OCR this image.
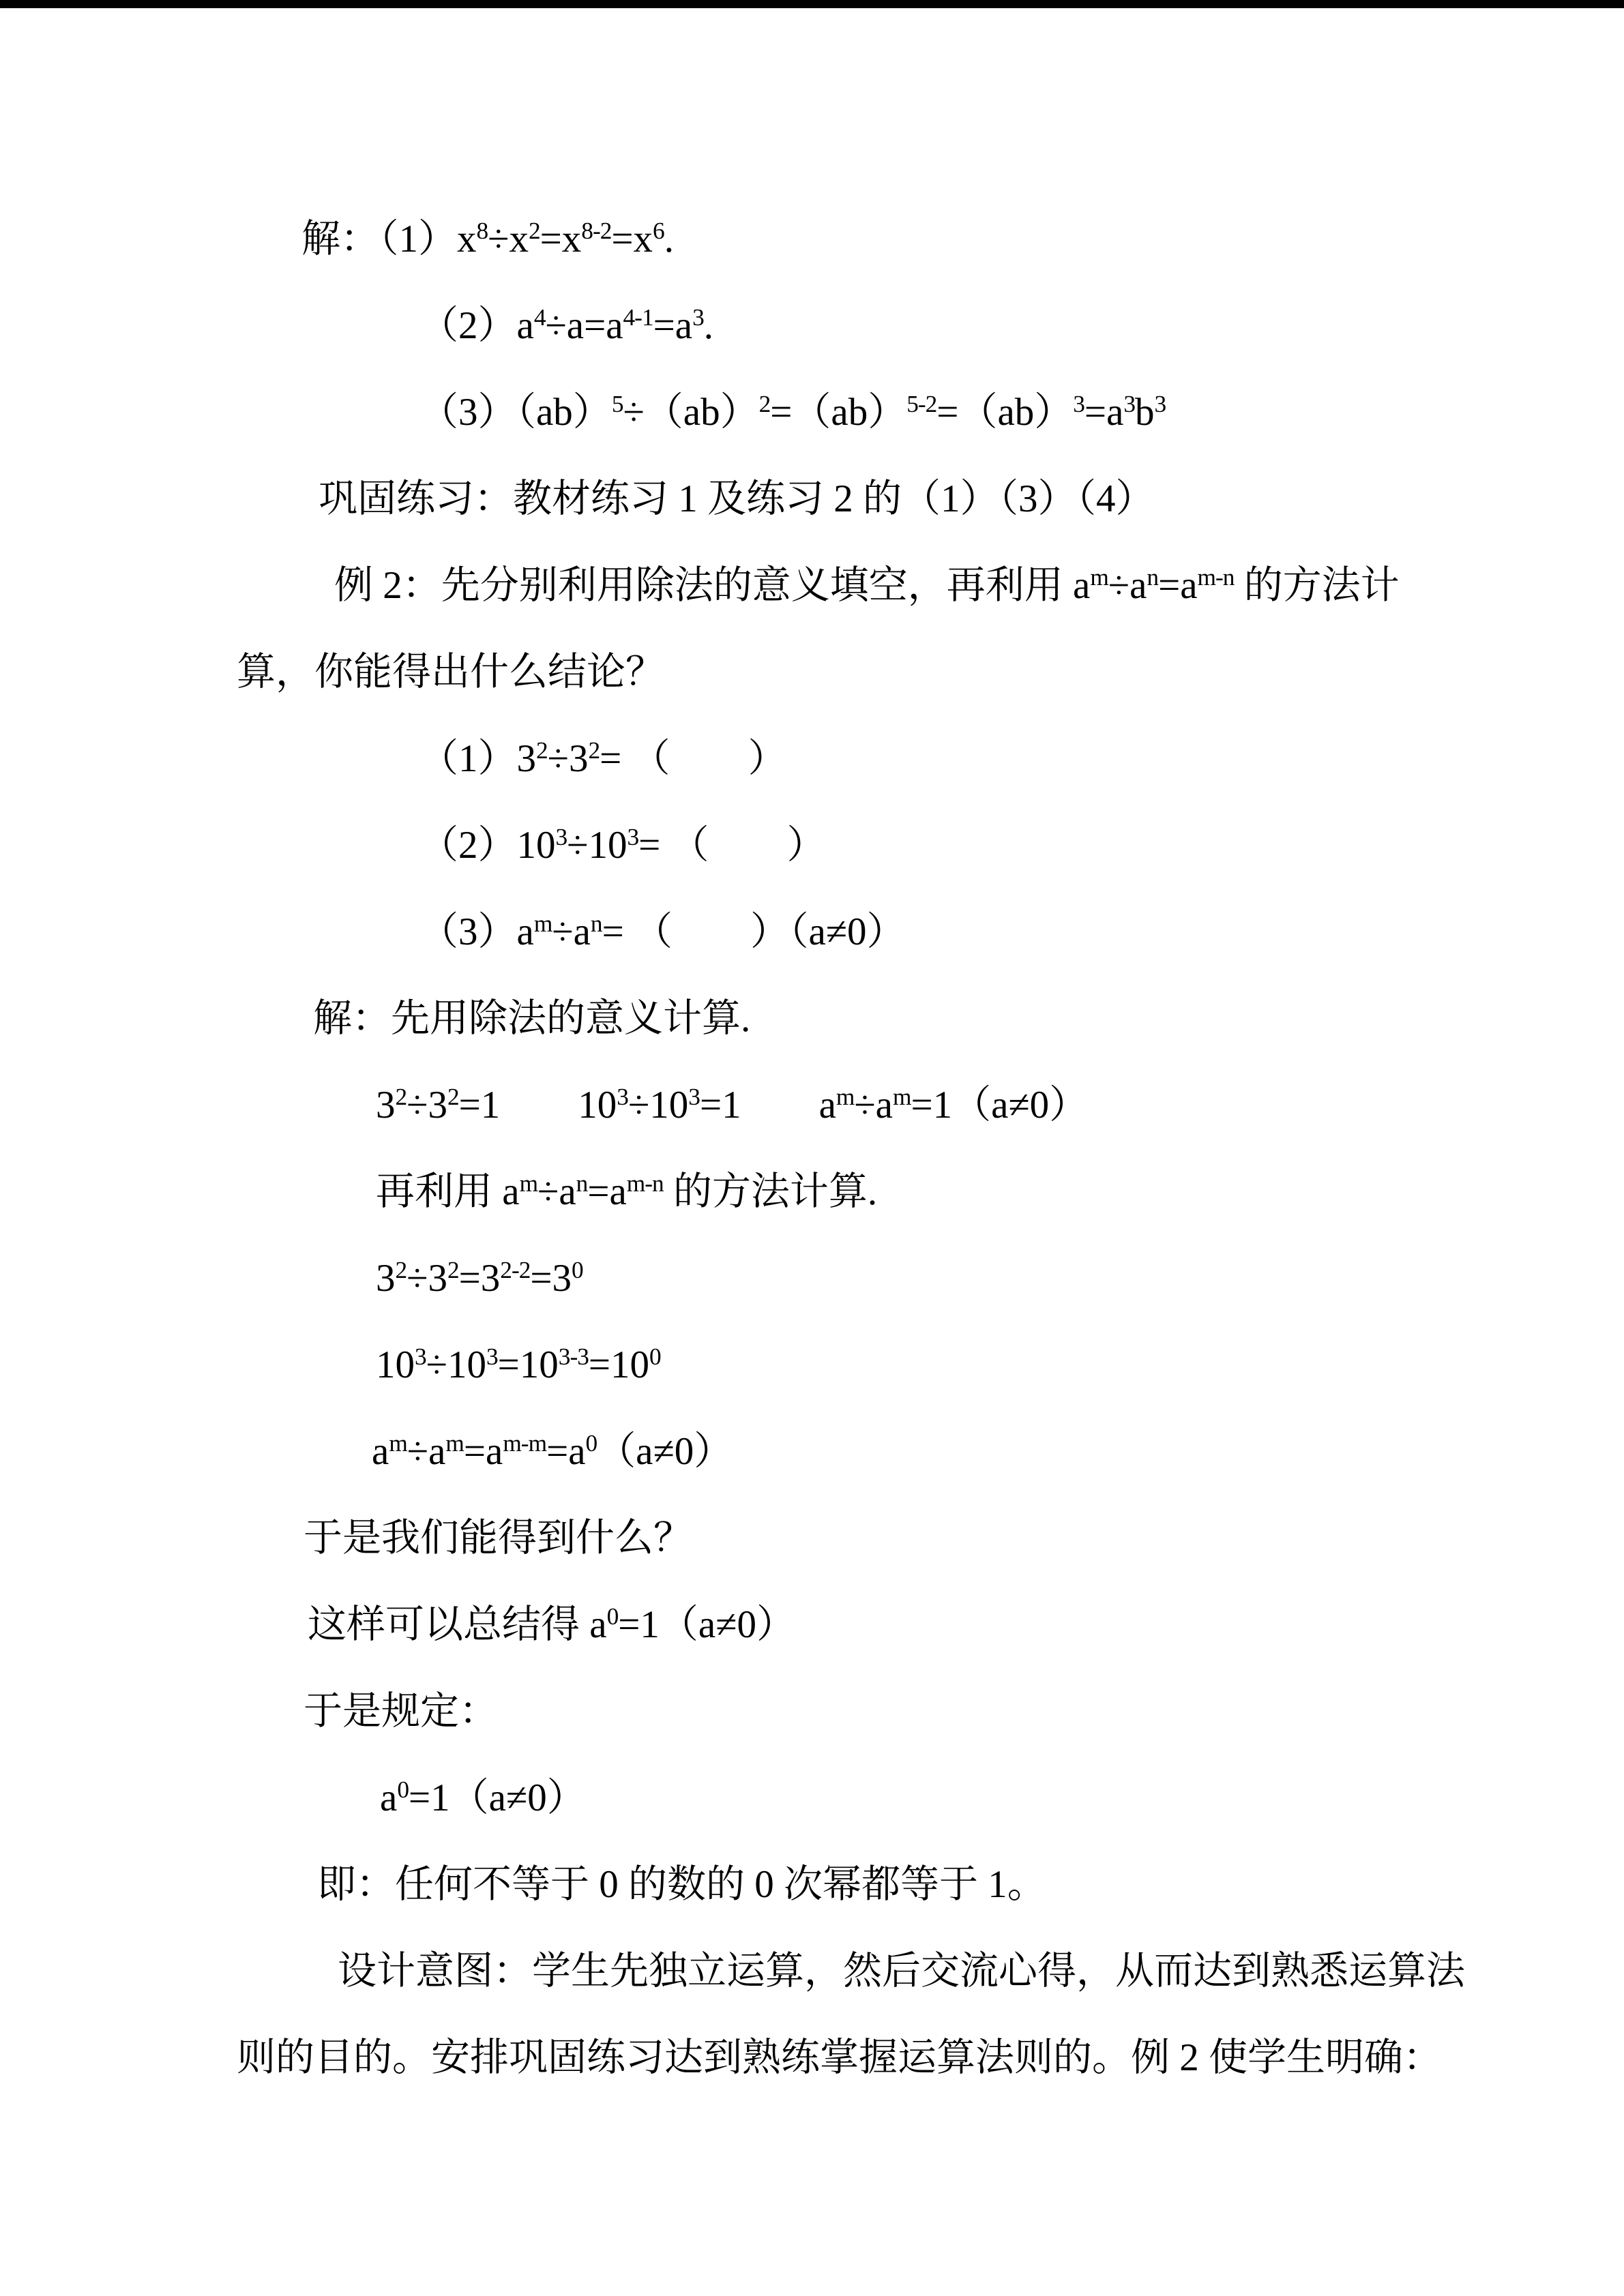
解：$(1)x^8\div x^2=x^{8-2}=x^6$.
$(2)a^4\div a=a^{4-1}=a^3$.
$(3)(ab)^5\div(ab)^2=(ab)^{5-2}=(ab)^3=a^3b^3$
巩固练习：教材练习 1 及练习 2 的（1）（3）（4）
例 2：先分别利用除法的意义填空，再利用 $a^m\div a^n=a^{m-n}$ 的方法计
算，你能得出什么结论？
$(1)3^2\div 3^2=$ （　　）
$(2)10^3\div 10^3=$ （　　）
$(3)a^m\div a^n=$ （　　）（a≠0）
解：先用除法的意义计算.
$3^2\div 3^2=1$　　$10^3\div 10^3=1$　　$a^m\div a^m=1(a\ne 0)$
再利用 $a^m\div a^n=a^{m-n}$ 的方法计算.
$3^2\div 3^2=3^{2-2}=3^0$
$10^3\div 10^3=10^{3-3}=10^0$
$a^m\div a^m=a^{m-m}=a^0(a\ne 0)$
于是我们能得到什么？
这样可以总结得 $a^0=1(a\ne 0)$
于是规定：
$a^0=1(a\ne 0)$
即：任何不等于 0 的数的 0 次幂都等于 1。
设计意图：学生先独立运算，然后交流心得，从而达到熟悉运算法
则的目的。安排巩固练习达到熟练掌握运算法则的。例 2 使学生明确：
